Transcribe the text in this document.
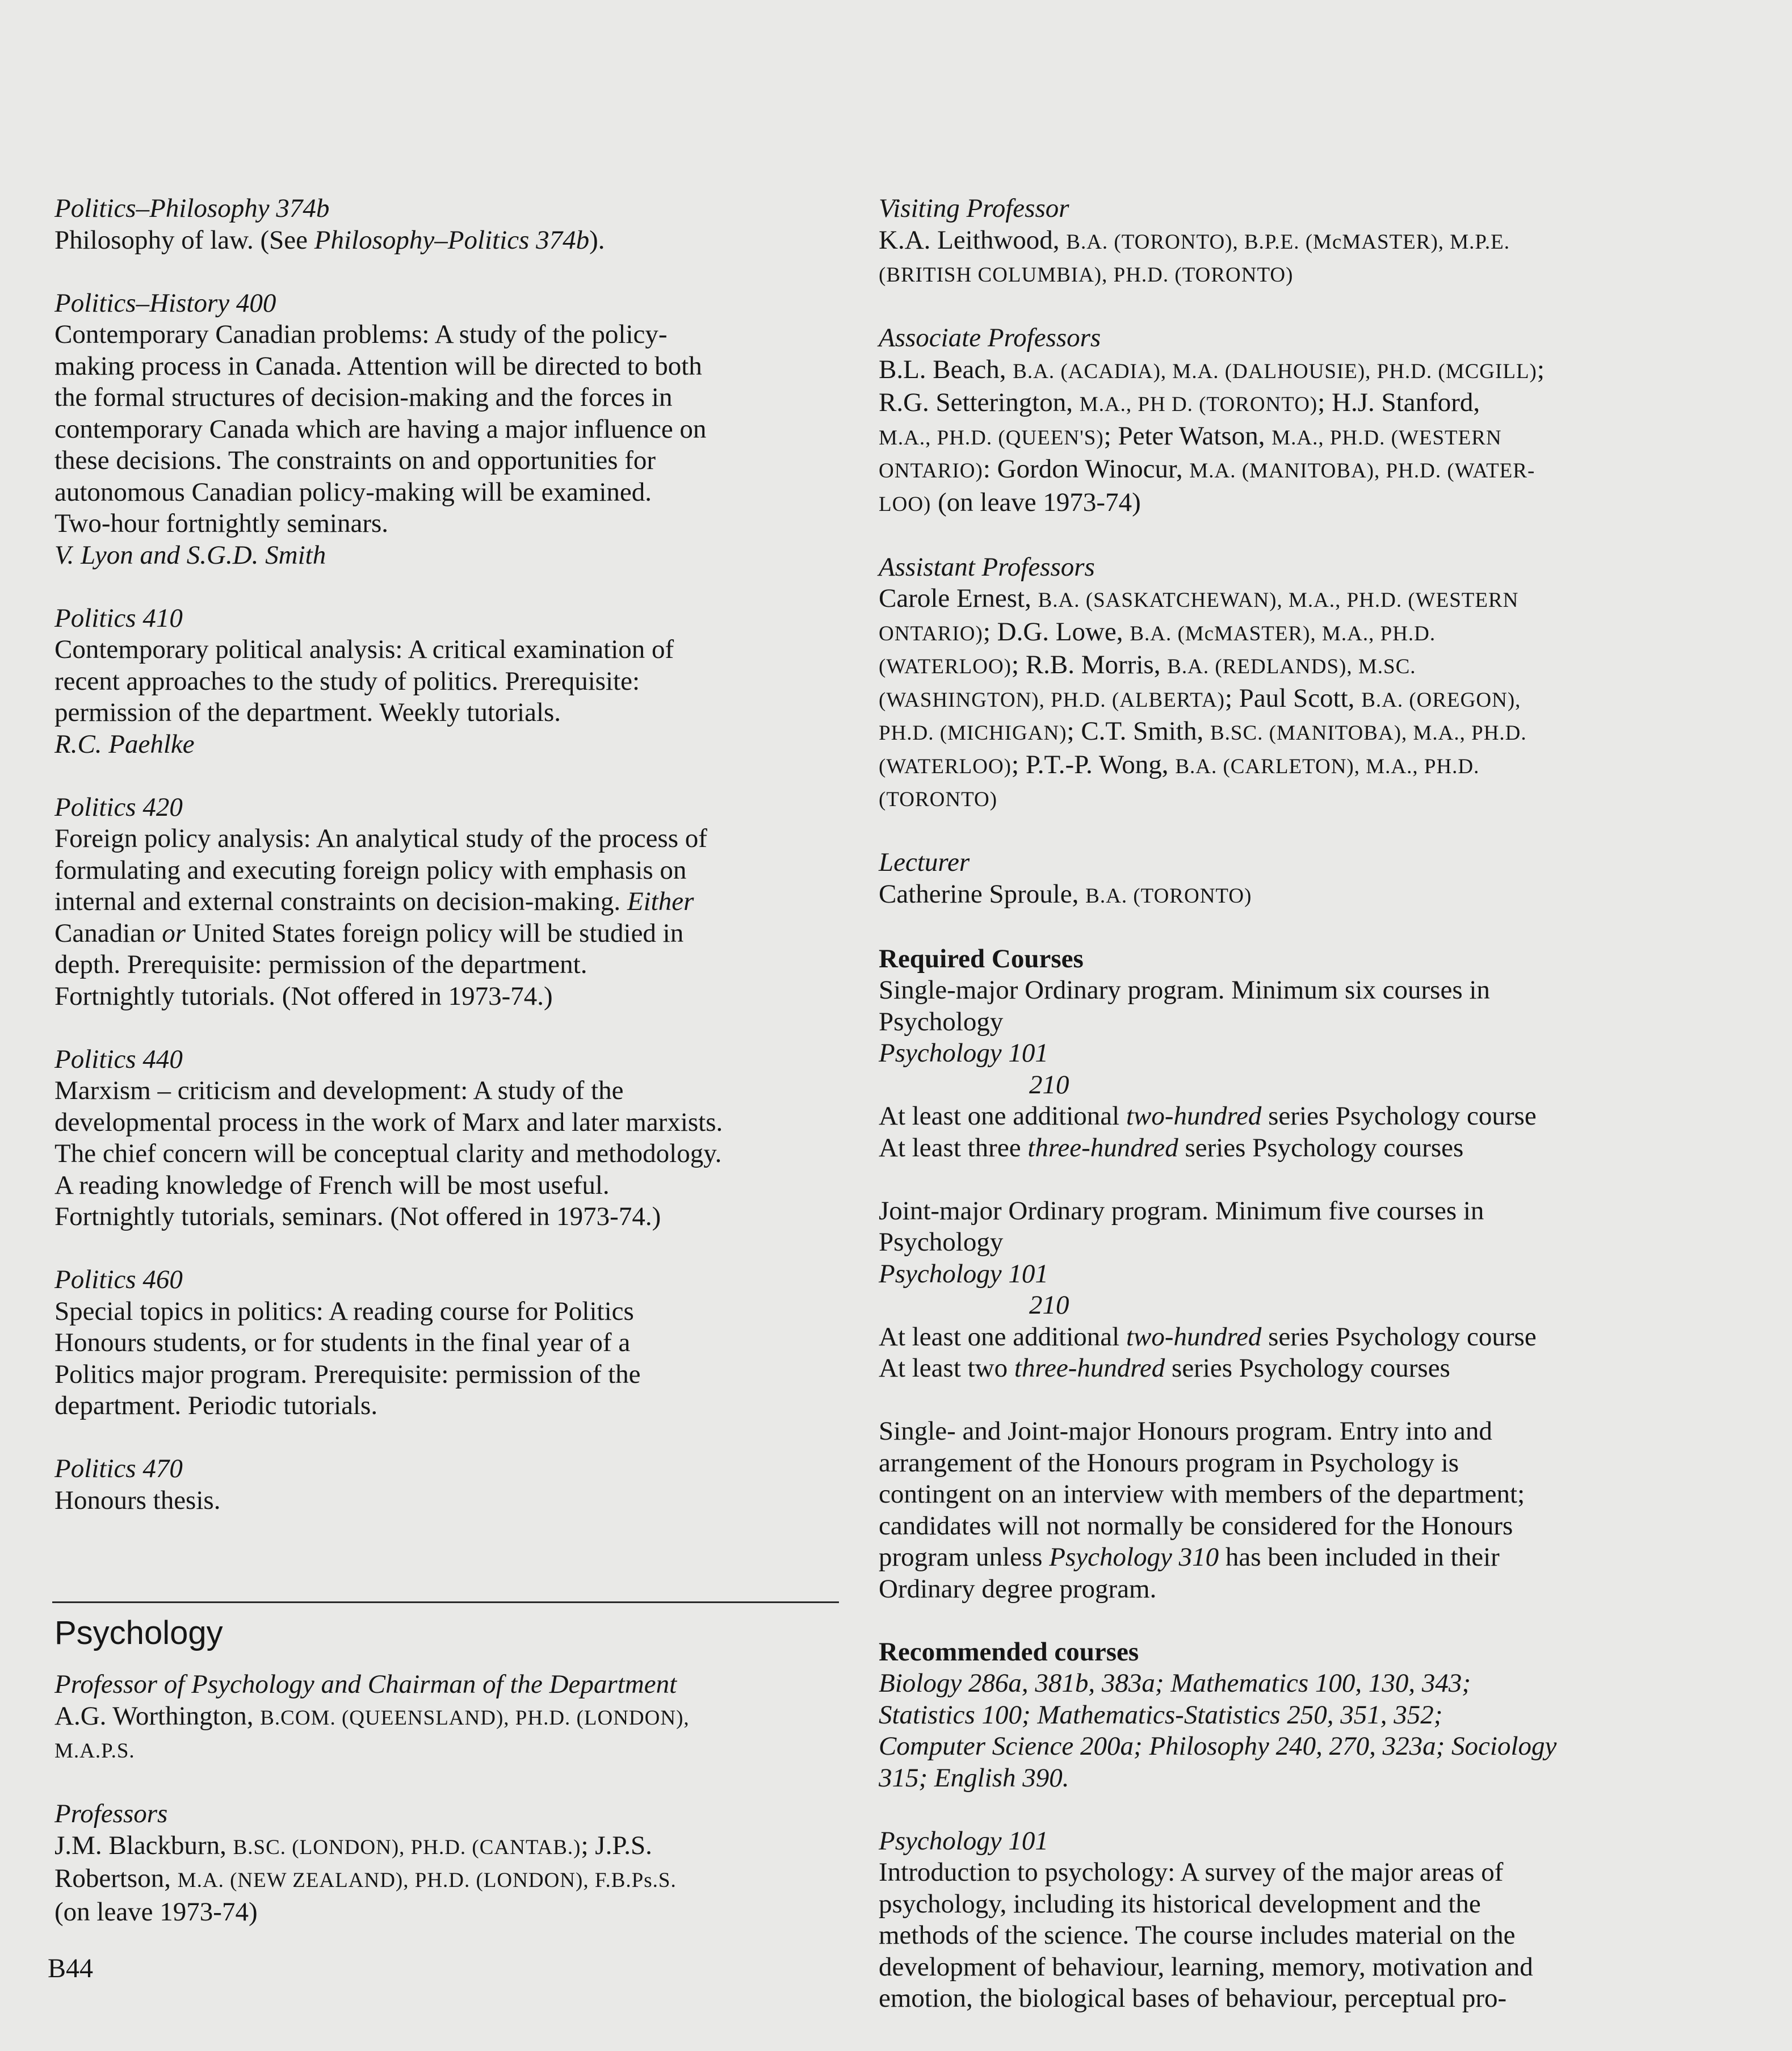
Politics–Philosophy 374b

Philosophy of law. (See Philosophy–Politics 374b).

Politics–History 400

Contemporary Canadian problems: A study of the policy-

making process in Canada. Attention will be directed to both

the formal structures of decision-making and the forces in

contemporary Canada which are having a major influence on

these decisions. The constraints on and opportunities for

autonomous Canadian policy-making will be examined.

Two-hour fortnightly seminars.

V. Lyon and S.G.D. Smith

Politics 410

Contemporary political analysis: A critical examination of

recent approaches to the study of politics. Prerequisite:

permission of the department. Weekly tutorials.

R.C. Paehlke

Politics 420

Foreign policy analysis: An analytical study of the process of

formulating and executing foreign policy with emphasis on

internal and external constraints on decision-making. Either

Canadian or United States foreign policy will be studied in

depth. Prerequisite: permission of the department.

Fortnightly tutorials. (Not offered in 1973-74.)

Politics 440

Marxism – criticism and development: A study of the

developmental process in the work of Marx and later marxists.

The chief concern will be conceptual clarity and methodology.

A reading knowledge of French will be most useful.

Fortnightly tutorials, seminars. (Not offered in 1973-74.)

Politics 460

Special topics in politics: A reading course for Politics

Honours students, or for students in the final year of a

Politics major program. Prerequisite: permission of the

department. Periodic tutorials.

Politics 470

Honours thesis.

Psychology

Professor of Psychology and Chairman of the Department

A.G. Worthington, B.COM. (QUEENSLAND), PH.D. (LONDON),

M.A.P.S.

Professors

J.M. Blackburn, B.SC. (LONDON), PH.D. (CANTAB.); J.P.S.

Robertson, M.A. (NEW ZEALAND), PH.D. (LONDON), F.B.Ps.S.

(on leave 1973-74)

Visiting Professor

K.A. Leithwood, B.A. (TORONTO), B.P.E. (McMASTER), M.P.E.

(BRITISH COLUMBIA), PH.D. (TORONTO)

Associate Professors

B.L. Beach, B.A. (ACADIA), M.A. (DALHOUSIE), PH.D. (MCGILL);

R.G. Setterington, M.A., PH D. (TORONTO); H.J. Stanford,

M.A., PH.D. (QUEEN'S); Peter Watson, M.A., PH.D. (WESTERN

ONTARIO): Gordon Winocur, M.A. (MANITOBA), PH.D. (WATER-

LOO) (on leave 1973-74)

Assistant Professors

Carole Ernest, B.A. (SASKATCHEWAN), M.A., PH.D. (WESTERN

ONTARIO); D.G. Lowe, B.A. (McMASTER), M.A., PH.D.

(WATERLOO); R.B. Morris, B.A. (REDLANDS), M.SC.

(WASHINGTON), PH.D. (ALBERTA); Paul Scott, B.A. (OREGON),

PH.D. (MICHIGAN); C.T. Smith, B.SC. (MANITOBA), M.A., PH.D.

(WATERLOO); P.T.-P. Wong, B.A. (CARLETON), M.A., PH.D.

(TORONTO)

Lecturer

Catherine Sproule, B.A. (TORONTO)

Required Courses

Single-major Ordinary program. Minimum six courses in

Psychology

Psychology 101

210

At least one additional two-hundred series Psychology course

At least three three-hundred series Psychology courses

Joint-major Ordinary program. Minimum five courses in

Psychology

Psychology 101

210

At least one additional two-hundred series Psychology course

At least two three-hundred series Psychology courses

Single- and Joint-major Honours program. Entry into and

arrangement of the Honours program in Psychology is

contingent on an interview with members of the department;

candidates will not normally be considered for the Honours

program unless Psychology 310 has been included in their

Ordinary degree program.

Recommended courses

Biology 286a, 381b, 383a; Mathematics 100, 130, 343;

Statistics 100; Mathematics-Statistics 250, 351, 352;

Computer Science 200a; Philosophy 240, 270, 323a; Sociology

315; English 390.

Psychology 101

Introduction to psychology: A survey of the major areas of

psychology, including its historical development and the

methods of the science. The course includes material on the

development of behaviour, learning, memory, motivation and

emotion, the biological bases of behaviour, perceptual pro-

B44
